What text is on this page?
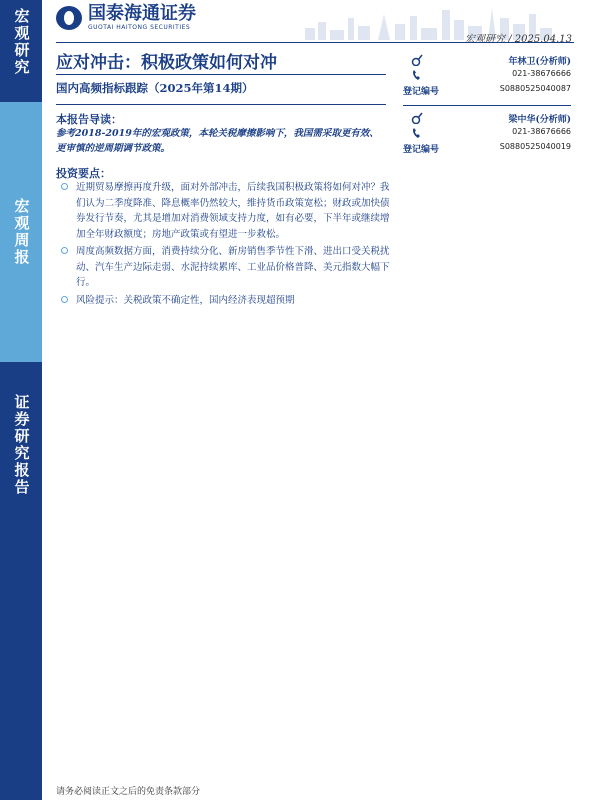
宏观研究
宏观周报
证券研究报告
国泰海通证券
GUOTAI HAITONG SECURITIES
宏观研究 / 2025.04.13
应对冲击：积极政策如何对冲
国内高频指标跟踪（2025年第14期）
本报告导读：
参考2018-2019年的宏观政策，本轮关税摩擦影响下，我国需采取更有效、更审慎的逆周期调节政策。
投资要点：
近期贸易摩擦再度升级，面对外部冲击，后续我国积极政策将如何对冲？我们认为二季度降准、降息概率仍然较大，维持货币政策宽松；财政或加快债券发行节奏，尤其是增加对消费领域支持力度，如有必要，下半年或继续增加全年财政额度；房地产政策或有望进一步救松。
周度高频数据方面，消费持续分化、新房销售季节性下滑、进出口受关税扰动、汽车生产边际走弱、水泥持续累库、工业品价格普降、美元指数大幅下行。
风险提示：关税政策不确定性，国内经济表现超预期
年林卫(分析师)
021-38676666
登记编号	S0880525040087
梁中华(分析师)
021-38676666
登记编号	S0880525040019
请务必阅读正文之后的免责条款部分
